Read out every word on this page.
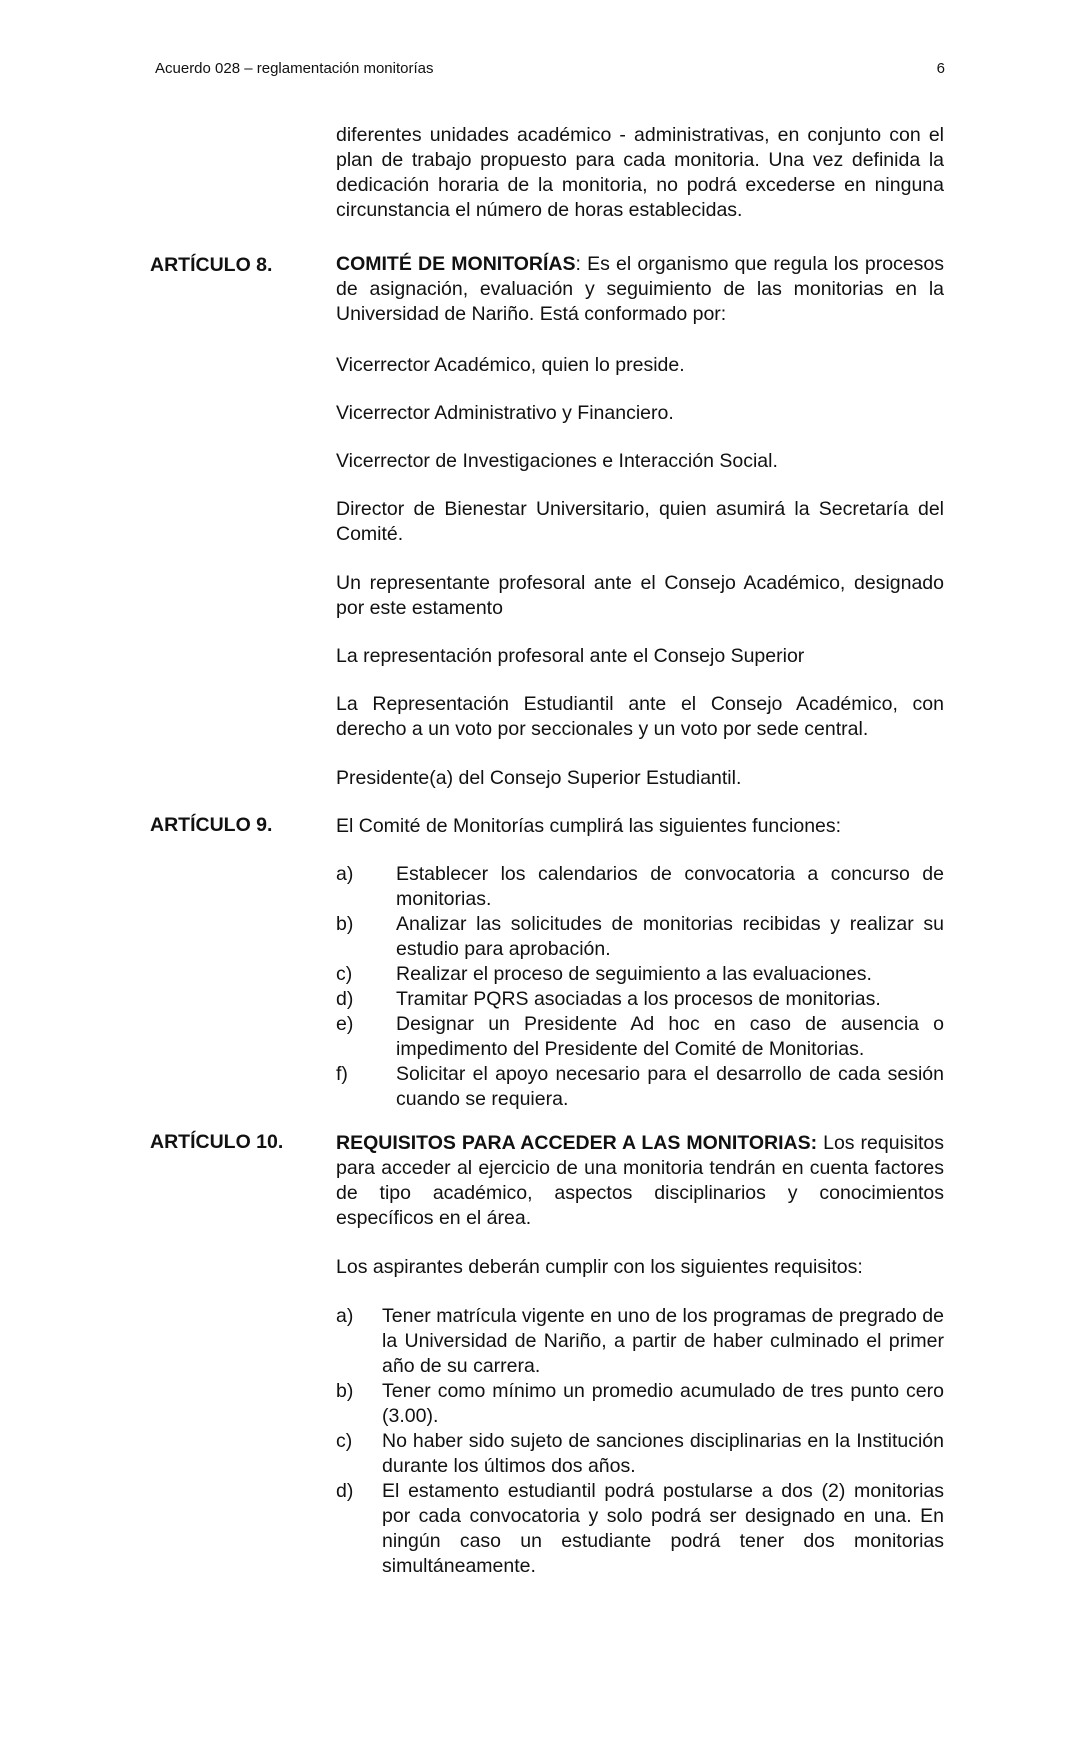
Acuerdo 028 – reglamentación monitorías	6

diferentes unidades académico - administrativas, en conjunto con el plan de trabajo propuesto para cada monitoria. Una vez definida la dedicación horaria de la monitoria, no podrá excederse en ninguna circunstancia el número de horas establecidas.

ARTÍCULO 8.	COMITÉ DE MONITORÍAS: Es el organismo que regula los procesos de asignación, evaluación y seguimiento de las monitorias en la Universidad de Nariño. Está conformado por:

Vicerrector Académico, quien lo preside.
Vicerrector Administrativo y Financiero.
Vicerrector de Investigaciones e Interacción Social.
Director de Bienestar Universitario, quien asumirá la Secretaría del Comité.
Un representante profesoral ante el Consejo Académico, designado por este estamento
La representación profesoral ante el Consejo Superior
La Representación Estudiantil ante el Consejo Académico, con derecho a un voto por seccionales y un voto por sede central.
Presidente(a) del Consejo Superior Estudiantil.
ARTÍCULO 9.	El Comité de Monitorías cumplirá las siguientes funciones:
a)	Establecer los calendarios de convocatoria a concurso de monitorias.
b)	Analizar las solicitudes de monitorias recibidas y realizar su estudio para aprobación.
c)	Realizar el proceso de seguimiento a las evaluaciones.
d)	Tramitar PQRS asociadas a los procesos de monitorias.
e)	Designar un Presidente Ad hoc en caso de ausencia o impedimento del Presidente del Comité de Monitorias.
f)	Solicitar el apoyo necesario para el desarrollo de cada sesión cuando se requiera.
ARTÍCULO 10.	REQUISITOS PARA ACCEDER A LAS MONITORIAS: Los requisitos para acceder al ejercicio de una monitoria tendrán en cuenta factores de tipo académico, aspectos disciplinarios y conocimientos específicos en el área.

Los aspirantes deberán cumplir con los siguientes requisitos:
a)	Tener matrícula vigente en uno de los programas de pregrado de la Universidad de Nariño, a partir de haber culminado el primer año de su carrera.
b)	Tener como mínimo un promedio acumulado de tres punto cero (3.00).
c)	No haber sido sujeto de sanciones disciplinarias en la Institución durante los últimos dos años.
d)	El estamento estudiantil podrá postularse a dos (2) monitorias por cada convocatoria y solo podrá ser designado en una. En ningún caso un estudiante podrá tener dos monitorias simultáneamente.
